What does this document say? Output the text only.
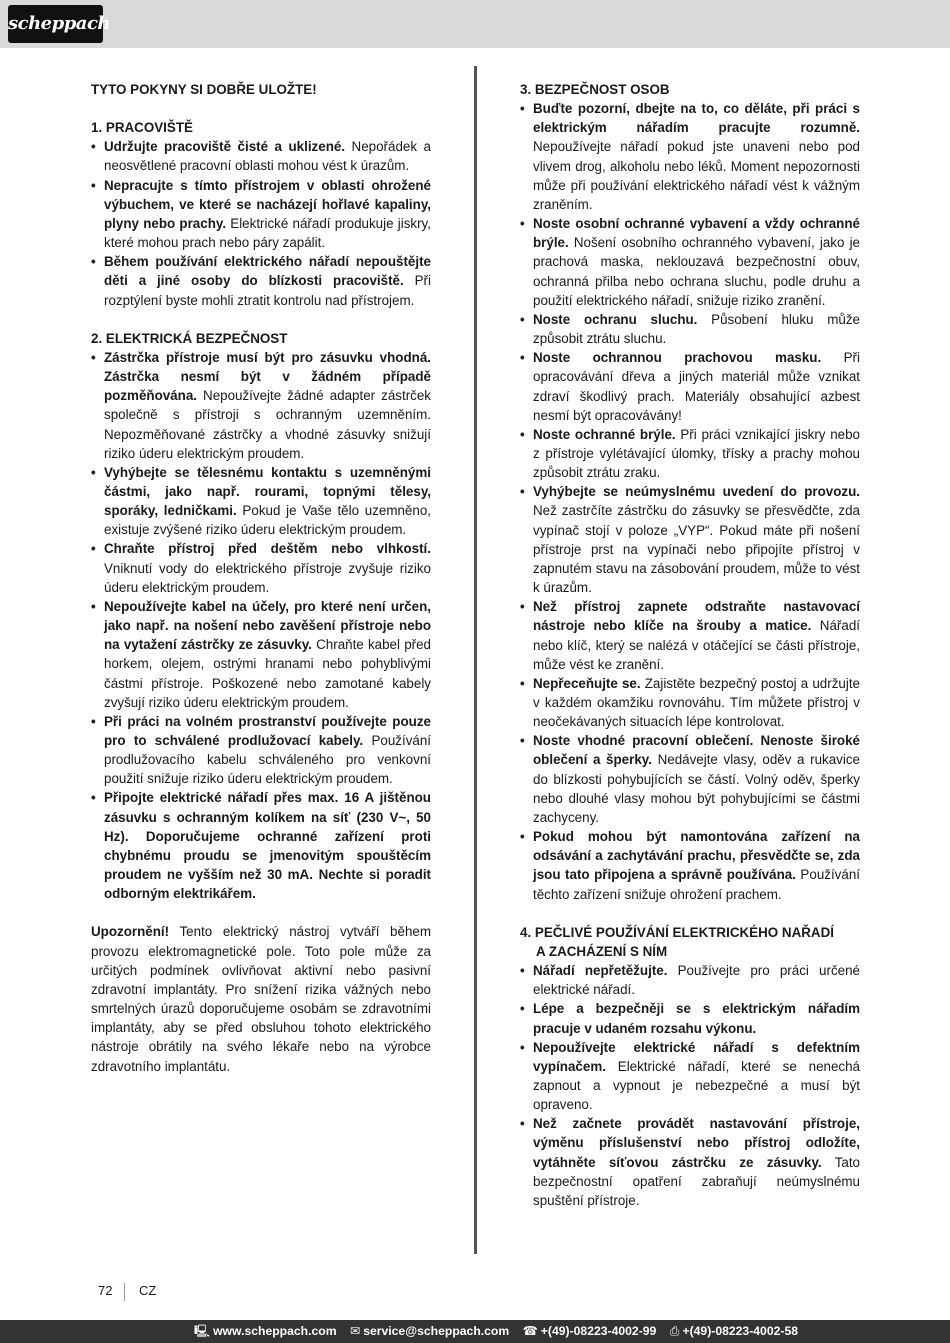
scheppach
TYTO POKYNY SI DOBŘE ULOŽTE!
1. PRACOVIŠTĚ
• Udržujte pracoviště čisté a uklizené. Nepořádek a neosvětlené pracovní oblasti mohou vést k úrazům.
• Nepracujte s tímto přístrojem v oblasti ohrožené výbuchem, ve které se nacházejí hořlavé kapaliny, plyny nebo prachy. Elektrické nářadí produkuje jiskry, které mohou prach nebo páry zapálit.
• Během používání elektrického nářadí nepouštějte děti a jiné osoby do blízkosti pracoviště. Při rozptýlení byste mohli ztratit kontrolu nad přístrojem.
2. ELEKTRICKÁ BEZPEČNOST
• Zástrčka přístroje musí být pro zásuvku vhodná. Zástrčka nesmí být v žádném případě pozměňována. Nepoužívejte žádné adapter zástrček společně s přístroji s ochranným uzemněním. Nepozměňované zástrčky a vhodné zásuvky snižují riziko úderu elektrickým proudem.
• Vyhýbejte se tělesnému kontaktu s uzemněnými částmi, jako např. rourami, topnými tělesy, sporáky, ledničkami. Pokud je Vaše tělo uzemněno, existuje zvýšené riziko úderu elektrickým proudem.
• Chraňte přístroj před deštěm nebo vlhkostí. Vniknutí vody do elektrického přístroje zvyšuje riziko úderu elektrickým proudem.
• Nepoužívejte kabel na účely, pro které není určen, jako např. na nošení nebo zavěšení přístroje nebo na vytažení zástrčky ze zásuvky. Chraňte kabel před horkem, olejem, ostrými hranami nebo pohyblivými částmi přístroje. Poškozené nebo zamotané kabely zvyšují riziko úderu elektrickým proudem.
• Při práci na volném prostranství používejte pouze pro to schválené prodlužovací kabely. Používání prodlužovacího kabelu schváleného pro venkovní použití snižuje riziko úderu elektrickým proudem.
• Připojte elektrické nářadí přes max. 16 A jištěnou zásuvku s ochranným kolíkem na síť (230 V~, 50 Hz). Doporučujeme ochranné zařízení proti chybnému proudu se jmenovitým spouštěcím proudem ne vyšším než 30 mA. Nechte si poradit odborným elektrikářem.

Upozornění! Tento elektrický nástroj vytváří během provozu elektromagnetické pole. Toto pole může za určitých podmínek ovlivňovat aktivní nebo pasivní zdravotní implantáty. Pro snížení rizika vážných nebo smrtelných úrazů doporučujeme osobám se zdravotními implantáty, aby se před obsluhou tohoto elektrického nástroje obrátily na svého lékaře nebo na výrobce zdravotního implantátu.

3. BEZPEČNOST OSOB
• Buďte pozorní, dbejte na to, co děláte, při práci s elektrickým nářadím pracujte rozumně. Nepoužívejte nářadí pokud jste unaveni nebo pod vlivem drog, alkoholu nebo léků. Moment nepozornosti může při používání elektrického nářadí vést k vážným zraněním.
• Noste osobní ochranné vybavení a vždy ochranné brýle. Nošení osobního ochranného vybavení, jako je prachová maska, neklouzavá bezpečnostní obuv, ochranná přilba nebo ochrana sluchu, podle druhu a použití elektrického nářadí, snižuje riziko zranění.
• Noste ochranu sluchu. Působení hluku může způsobit ztrátu sluchu.
• Noste ochrannou prachovou masku. Při opracovávání dřeva a jiných materiál může vznikat zdraví škodlivý prach. Materiály obsahující azbest nesmí být opracovávány!
• Noste ochranné brýle. Při práci vznikající jiskry nebo z přístroje vylétávající úlomky, třísky a prachy mohou způsobit ztrátu zraku.
• Vyhýbejte se neúmyslnému uvedení do provozu. Než zastrčíte zástrčku do zásuvky se přesvědčte, zda vypínač stojí v poloze „VYP“. Pokud máte při nošení přístroje prst na vypínači nebo připojíte přístroj v zapnutém stavu na zásobování proudem, může to vést k úrazům.
• Než přístroj zapnete odstraňte nastavovací nástroje nebo klíče na šrouby a matice. Nářadí nebo klíč, který se nalézá v otáčející se části přístroje, může vést ke zranění.
• Nepřeceňujte se. Zajistěte bezpečný postoj a udržujte v každém okamžiku rovnováhu. Tím můžete přístroj v neočekávaných situacích lépe kontrolovat.
• Noste vhodné pracovní oblečení. Nenoste široké oblečení a šperky. Nedávejte vlasy, oděv a rukavice do blízkosti pohybujících se částí. Volný oděv, šperky nebo dlouhé vlasy mohou být pohybujícími se částmi zachyceny.
• Pokud mohou být namontována zařízení na odsávání a zachytávání prachu, přesvědčte se, zda jsou tato připojena a správně používána. Používání těchto zařízení snižuje ohrožení prachem.
4. PEČLIVÉ POUŽÍVÁNÍ ELEKTRICKÉHO NAŘADÍ
A ZACHÁZENÍ S NÍM
• Nářadí nepřetěžujte. Používejte pro práci určené elektrické nářadí.
• Lépe a bezpečněji se s elektrickým nářadím pracuje v udaném rozsahu výkonu.
• Nepoužívejte elektrické nářadí s defektním vypínačem. Elektrické nářadí, které se nenechá zapnout a vypnout je nebezpečné a musí být opraveno.
• Než začnete provádět nastavování přístroje, výměnu příslušenství nebo přístroj odložíte, vytáhněte síťovou zástrčku ze zásuvky. Tato bezpečnostní opatření zabraňují neúmyslnému spuštění přístroje.
72 CZ
🖳 www.scheppach.com ✉ service@scheppach.com ☎ +(49)-08223-4002-99 ⎙ +(49)-08223-4002-58
